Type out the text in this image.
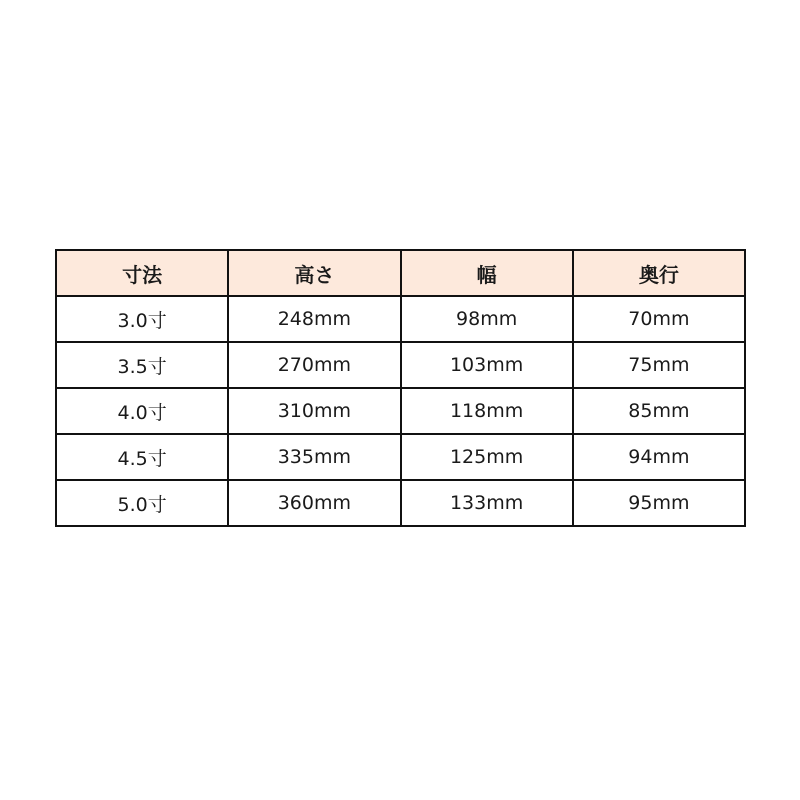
寸法	高さ	幅	奥行
3.0寸	248mm	98mm	70mm
3.5寸	270mm	103mm	75mm
4.0寸	310mm	118mm	85mm
4.5寸	335mm	125mm	94mm
5.0寸	360mm	133mm	95mm
